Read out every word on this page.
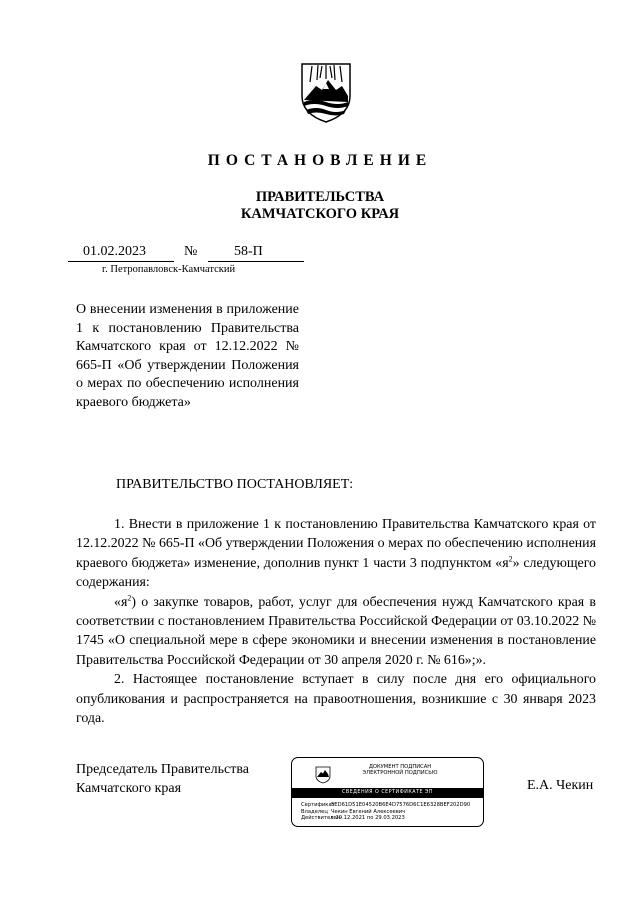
ПОСТАНОВЛЕНИЕ
ПРАВИТЕЛЬСТВА
КАМЧАТСКОГО КРАЯ
01.02.2023	№	58-П
г. Петропавловск-Камчатский
О внесении изменения в приложение 1 к постановлению Правительства Камчатского края от 12.12.2022 № 665-П «Об утверждении Положения о мерах по обеспечению исполнения краевого бюджета»
ПРАВИТЕЛЬСТВО ПОСТАНОВЛЯЕТ:

1. Внести в приложение 1 к постановлению Правительства Камчатского края от 12.12.2022 № 665-П «Об утверждении Положения о мерах по обеспечению исполнения краевого бюджета» изменение, дополнив пункт 1 части 3 подпунктом «$я^2$» следующего содержания:

«$я^2$) о закупке товаров, работ, услуг для обеспечения нужд Камчатского края в соответствии с постановлением Правительства Российской Федерации от 03.10.2022 № 1745 «О специальной мере в сфере экономики и внесении изменения в постановление Правительства Российской Федерации от 30 апреля 2020 г. № 616»;».

2. Настоящее постановление вступает в силу после дня его официального опубликования и распространяется на правоотношения, возникшие с 30 января 2023 года.

Председатель Правительства
Камчатского края
ДОКУМЕНТ ПОДПИСАН
ЭЛЕКТРОННОЙ ПОДПИСЬЮ
СВЕДЕНИЯ О СЕРТИФИКАТЕ ЭП
Сертификат5ED61D51E04520B6E4D7576D6C1E6328BEF202D90
Владелец Чекин Евгений Алексеевич
Действителенс 29.12.2021 по 29.03.2023
Е.А. Чекин
